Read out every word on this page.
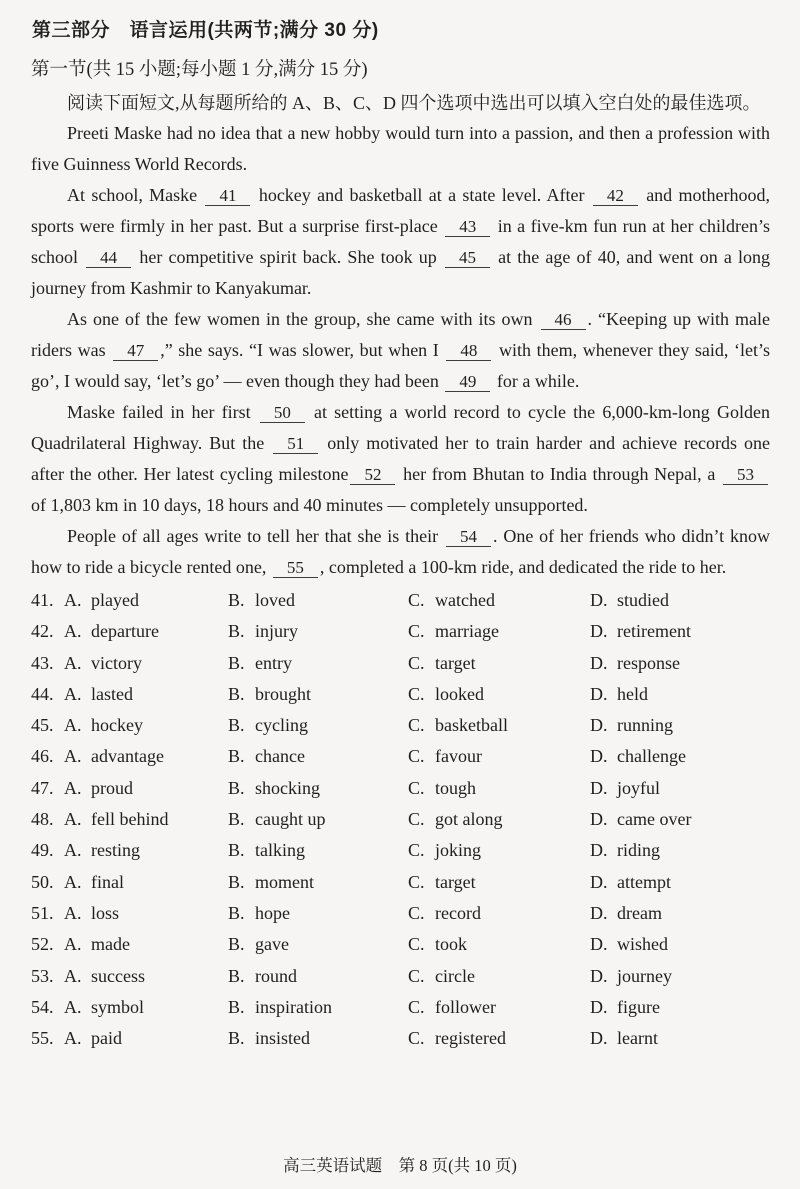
第三部分　语言运用(共两节;满分 30 分)
第一节(共 15 小题;每小题 1 分,满分 15 分)

阅读下面短文,从每题所给的 A、B、C、D 四个选项中选出可以填入空白处的最佳选项。

Preeti Maske had no idea that a new hobby would turn into a passion, and then a profession with five Guinness World Records.

At school, Maske 41 hockey and basketball at a state level. After 42 and motherhood, sports were firmly in her past. But a surprise first-place 43 in a five-km fun run at her children’s school 44 her competitive spirit back. She took up 45 at the age of 40, and went on a long journey from Kashmir to Kanyakumar.

As one of the few women in the group, she came with its own 46 . “Keeping up with male riders was 47 ,” she says. “I was slower, but when I 48 with them, whenever they said, ‘let’s go’, I would say, ‘let’s go’ — even though they had been 49 for a while.

Maske failed in her first 50 at setting a world record to cycle the 6,000-km-long Golden Quadrilateral Highway. But the 51 only motivated her to train harder and achieve records one after the other. Her latest cycling milestone 52 her from Bhutan to India through Nepal, a 53 of 1,803 km in 10 days, 18 hours and 40 minutes — completely unsupported.

People of all ages write to tell her that she is their 54 . One of her friends who didn’t know how to ride a bicycle rented one, 55 , completed a 100-km ride, and dedicated the ride to her.

41. A. played	B. loved	C. watched	D. studied
42. A. departure	B. injury	C. marriage	D. retirement
43. A. victory	B. entry	C. target	D. response
44. A. lasted	B. brought	C. looked	D. held
45. A. hockey	B. cycling	C. basketball	D. running
46. A. advantage	B. chance	C. favour	D. challenge
47. A. proud	B. shocking	C. tough	D. joyful
48. A. fell behind	B. caught up	C. got along	D. came over
49. A. resting	B. talking	C. joking	D. riding
50. A. final	B. moment	C. target	D. attempt
51. A. loss	B. hope	C. record	D. dream
52. A. made	B. gave	C. took	D. wished
53. A. success	B. round	C. circle	D. journey
54. A. symbol	B. inspiration	C. follower	D. figure
55. A. paid	B. insisted	C. registered	D. learnt
高三英语试题　第 8 页(共 10 页)
